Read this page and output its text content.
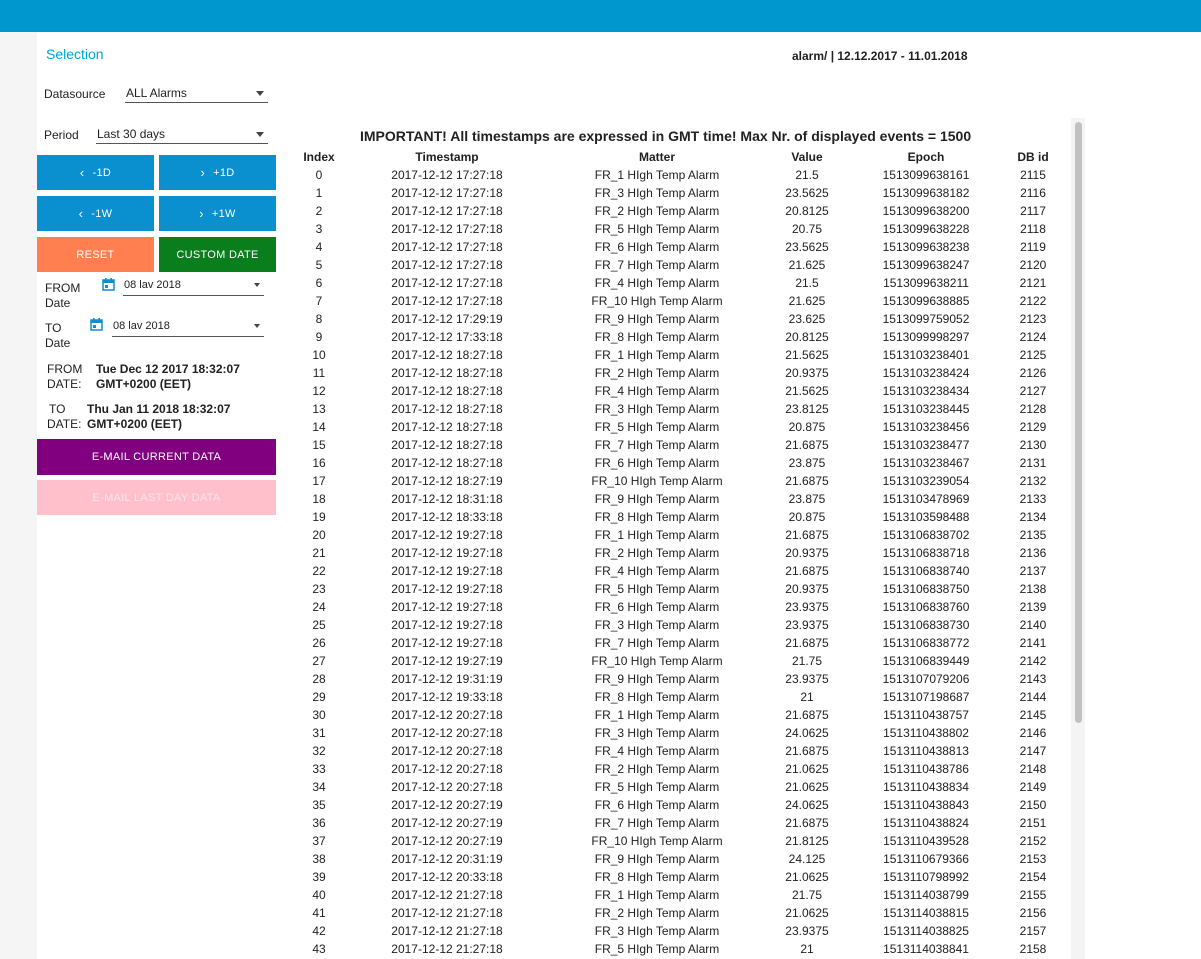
Selection
Datasource ALL Alarms
Period Last 30 days
‹ -1D	› +1D
‹ -1W	› +1W
RESET	CUSTOM DATE
FROM
Date
08 lav 2018
TO
Date
08 lav 2018
FROM
DATE:
Tue Dec 12 2017 18:32:07
GMT+0200 (EET)
TO
DATE:
Thu Jan 11 2018 18:32:07
GMT+0200 (EET)
E-MAIL CURRENT DATA
E-MAIL LAST DAY DATA
alarm/ | 12.12.2017 - 11.01.2018
IMPORTANT! All timestamps are expressed in GMT time! Max Nr. of displayed events = 1500
Index	Timestamp	Matter	Value	Epoch	DB id
0	2017-12-12 17:27:18	FR_1 HIgh Temp Alarm	21.5	1513099638161	2115
1	2017-12-12 17:27:18	FR_3 HIgh Temp Alarm	23.5625	1513099638182	2116
2	2017-12-12 17:27:18	FR_2 HIgh Temp Alarm	20.8125	1513099638200	2117
3	2017-12-12 17:27:18	FR_5 HIgh Temp Alarm	20.75	1513099638228	2118
4	2017-12-12 17:27:18	FR_6 HIgh Temp Alarm	23.5625	1513099638238	2119
5	2017-12-12 17:27:18	FR_7 HIgh Temp Alarm	21.625	1513099638247	2120
6	2017-12-12 17:27:18	FR_4 HIgh Temp Alarm	21.5	1513099638211	2121
7	2017-12-12 17:27:18	FR_10 HIgh Temp Alarm	21.625	1513099638885	2122
8	2017-12-12 17:29:19	FR_9 HIgh Temp Alarm	23.625	1513099759052	2123
9	2017-12-12 17:33:18	FR_8 HIgh Temp Alarm	20.8125	1513099998297	2124
10	2017-12-12 18:27:18	FR_1 HIgh Temp Alarm	21.5625	1513103238401	2125
11	2017-12-12 18:27:18	FR_2 HIgh Temp Alarm	20.9375	1513103238424	2126
12	2017-12-12 18:27:18	FR_4 HIgh Temp Alarm	21.5625	1513103238434	2127
13	2017-12-12 18:27:18	FR_3 HIgh Temp Alarm	23.8125	1513103238445	2128
14	2017-12-12 18:27:18	FR_5 HIgh Temp Alarm	20.875	1513103238456	2129
15	2017-12-12 18:27:18	FR_7 HIgh Temp Alarm	21.6875	1513103238477	2130
16	2017-12-12 18:27:18	FR_6 HIgh Temp Alarm	23.875	1513103238467	2131
17	2017-12-12 18:27:19	FR_10 HIgh Temp Alarm	21.6875	1513103239054	2132
18	2017-12-12 18:31:18	FR_9 HIgh Temp Alarm	23.875	1513103478969	2133
19	2017-12-12 18:33:18	FR_8 HIgh Temp Alarm	20.875	1513103598488	2134
20	2017-12-12 19:27:18	FR_1 HIgh Temp Alarm	21.6875	1513106838702	2135
21	2017-12-12 19:27:18	FR_2 HIgh Temp Alarm	20.9375	1513106838718	2136
22	2017-12-12 19:27:18	FR_4 HIgh Temp Alarm	21.6875	1513106838740	2137
23	2017-12-12 19:27:18	FR_5 HIgh Temp Alarm	20.9375	1513106838750	2138
24	2017-12-12 19:27:18	FR_6 HIgh Temp Alarm	23.9375	1513106838760	2139
25	2017-12-12 19:27:18	FR_3 HIgh Temp Alarm	23.9375	1513106838730	2140
26	2017-12-12 19:27:18	FR_7 HIgh Temp Alarm	21.6875	1513106838772	2141
27	2017-12-12 19:27:19	FR_10 HIgh Temp Alarm	21.75	1513106839449	2142
28	2017-12-12 19:31:19	FR_9 HIgh Temp Alarm	23.9375	1513107079206	2143
29	2017-12-12 19:33:18	FR_8 HIgh Temp Alarm	21	1513107198687	2144
30	2017-12-12 20:27:18	FR_1 HIgh Temp Alarm	21.6875	1513110438757	2145
31	2017-12-12 20:27:18	FR_3 HIgh Temp Alarm	24.0625	1513110438802	2146
32	2017-12-12 20:27:18	FR_4 HIgh Temp Alarm	21.6875	1513110438813	2147
33	2017-12-12 20:27:18	FR_2 HIgh Temp Alarm	21.0625	1513110438786	2148
34	2017-12-12 20:27:18	FR_5 HIgh Temp Alarm	21.0625	1513110438834	2149
35	2017-12-12 20:27:19	FR_6 HIgh Temp Alarm	24.0625	1513110438843	2150
36	2017-12-12 20:27:19	FR_7 HIgh Temp Alarm	21.6875	1513110438824	2151
37	2017-12-12 20:27:19	FR_10 HIgh Temp Alarm	21.8125	1513110439528	2152
38	2017-12-12 20:31:19	FR_9 HIgh Temp Alarm	24.125	1513110679366	2153
39	2017-12-12 20:33:18	FR_8 HIgh Temp Alarm	21.0625	1513110798992	2154
40	2017-12-12 21:27:18	FR_1 HIgh Temp Alarm	21.75	1513114038799	2155
41	2017-12-12 21:27:18	FR_2 HIgh Temp Alarm	21.0625	1513114038815	2156
42	2017-12-12 21:27:18	FR_3 HIgh Temp Alarm	23.9375	1513114038825	2157
43	2017-12-12 21:27:18	FR_5 HIgh Temp Alarm	21	1513114038841	2158
